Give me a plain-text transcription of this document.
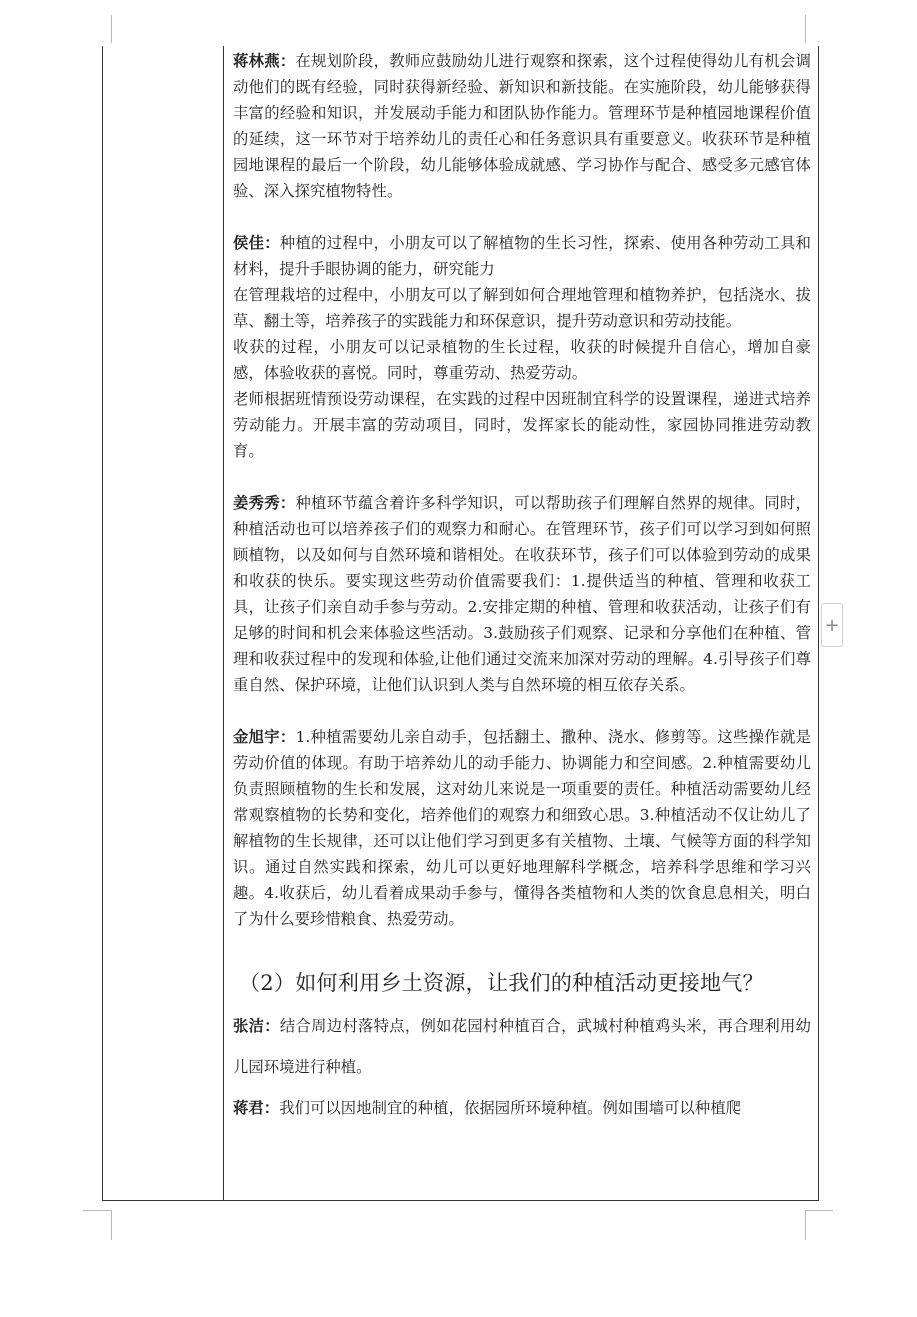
蒋林燕：在规划阶段，教师应鼓励幼儿进行观察和探索，这个过程使得幼儿有机会调动他们的既有经验，同时获得新经验、新知识和新技能。在实施阶段，幼儿能够获得丰富的经验和知识，并发展动手能力和团队协作能力。管理环节是种植园地课程价值的延续，这一环节对于培养幼儿的责任心和任务意识具有重要意义。收获环节是种植园地课程的最后一个阶段，幼儿能够体验成就感、学习协作与配合、感受多元感官体验、深入探究植物特性。

侯佳：种植的过程中，小朋友可以了解植物的生长习性，探索、使用各种劳动工具和材料，提升手眼协调的能力，研究能力

在管理栽培的过程中，小朋友可以了解到如何合理地管理和植物养护，包括浇水、拔草、翻土等，培养孩子的实践能力和环保意识，提升劳动意识和劳动技能。

收获的过程，小朋友可以记录植物的生长过程，收获的时候提升自信心，增加自豪感，体验收获的喜悦。同时，尊重劳动、热爱劳动。

老师根据班情预设劳动课程，在实践的过程中因班制宜科学的设置课程，递进式培养劳动能力。开展丰富的劳动项目，同时，发挥家长的能动性，家园协同推进劳动教育。

姜秀秀：种植环节蕴含着许多科学知识，可以帮助孩子们理解自然界的规律。同时，种植活动也可以培养孩子们的观察力和耐心。在管理环节，孩子们可以学习到如何照顾植物，以及如何与自然环境和谐相处。在收获环节，孩子们可以体验到劳动的成果和收获的快乐。要实现这些劳动价值需要我们：1.提供适当的种植、管理和收获工具，让孩子们亲自动手参与劳动。2.安排定期的种植、管理和收获活动，让孩子们有足够的时间和机会来体验这些活动。3.鼓励孩子们观察、记录和分享他们在种植、管理和收获过程中的发现和体验,让他们通过交流来加深对劳动的理解。4.引导孩子们尊重自然、保护环境，让他们认识到人类与自然环境的相互依存关系。

金旭宇：1.种植需要幼儿亲自动手，包括翻土、撒种、浇水、修剪等。这些操作就是劳动价值的体现。有助于培养幼儿的动手能力、协调能力和空间感。2.种植需要幼儿负责照顾植物的生长和发展，这对幼儿来说是一项重要的责任。种植活动需要幼儿经常观察植物的长势和变化，培养他们的观察力和细致心思。3.种植活动不仅让幼儿了解植物的生长规律，还可以让他们学习到更多有关植物、土壤、气候等方面的科学知识。通过自然实践和探索，幼儿可以更好地理解科学概念，培养科学思维和学习兴趣。4.收获后，幼儿看着成果动手参与，懂得各类植物和人类的饮食息息相关，明白了为什么要珍惜粮食、热爱劳动。

（2）如何利用乡土资源，让我们的种植活动更接地气？

张洁：结合周边村落特点，例如花园村种植百合，武城村种植鸡头米，再合理利用幼儿园环境进行种植。

蒋君：我们可以因地制宜的种植，依据园所环境种植。例如围墙可以种植爬

+
